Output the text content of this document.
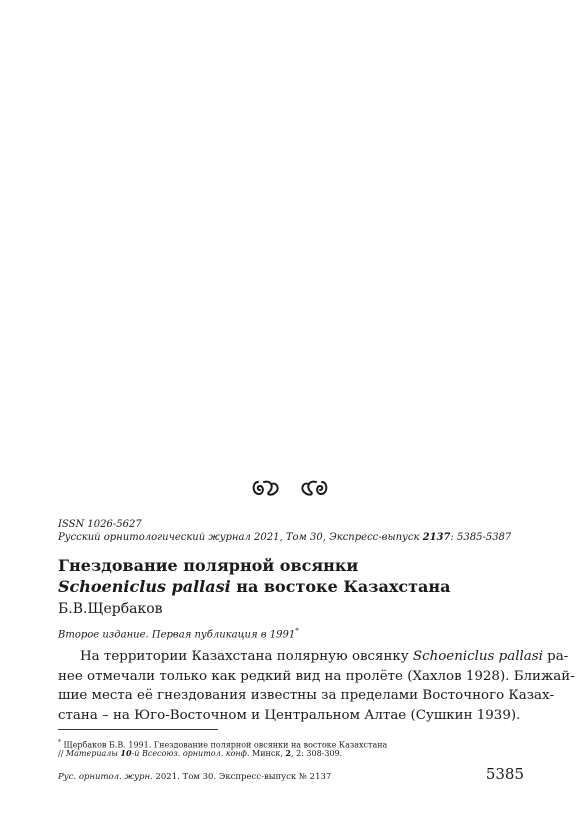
ISSN 1026-5627
Русский орнитологический журнал 2021, Том 30, Экспресс-выпуск 2137: 5385-5387
Гнездование полярной овсянки
Schoeniclus pallasi на востоке Казахстана
Б.В.Щербаков
Второе издание. Первая публикация в 1991*
На территории Казахстана полярную овсянку Schoeniclus pallasi ра-
нее отмечали только как редкий вид на пролёте (Хахлов 1928). Ближай-
шие места её гнездования известны за пределами Восточного Казах-
стана – на Юго-Восточном и Центральном Алтае (Сушкин 1939).
* Щербаков Б.В. 1991. Гнездование полярной овсянки на востоке Казахстана
// Материалы 10-й Всесоюз. орнитол. конф. Минск, 2, 2: 308-309.
Рус. орнитол. журн. 2021. Том 30. Экспресс-выпуск № 2137	5385
